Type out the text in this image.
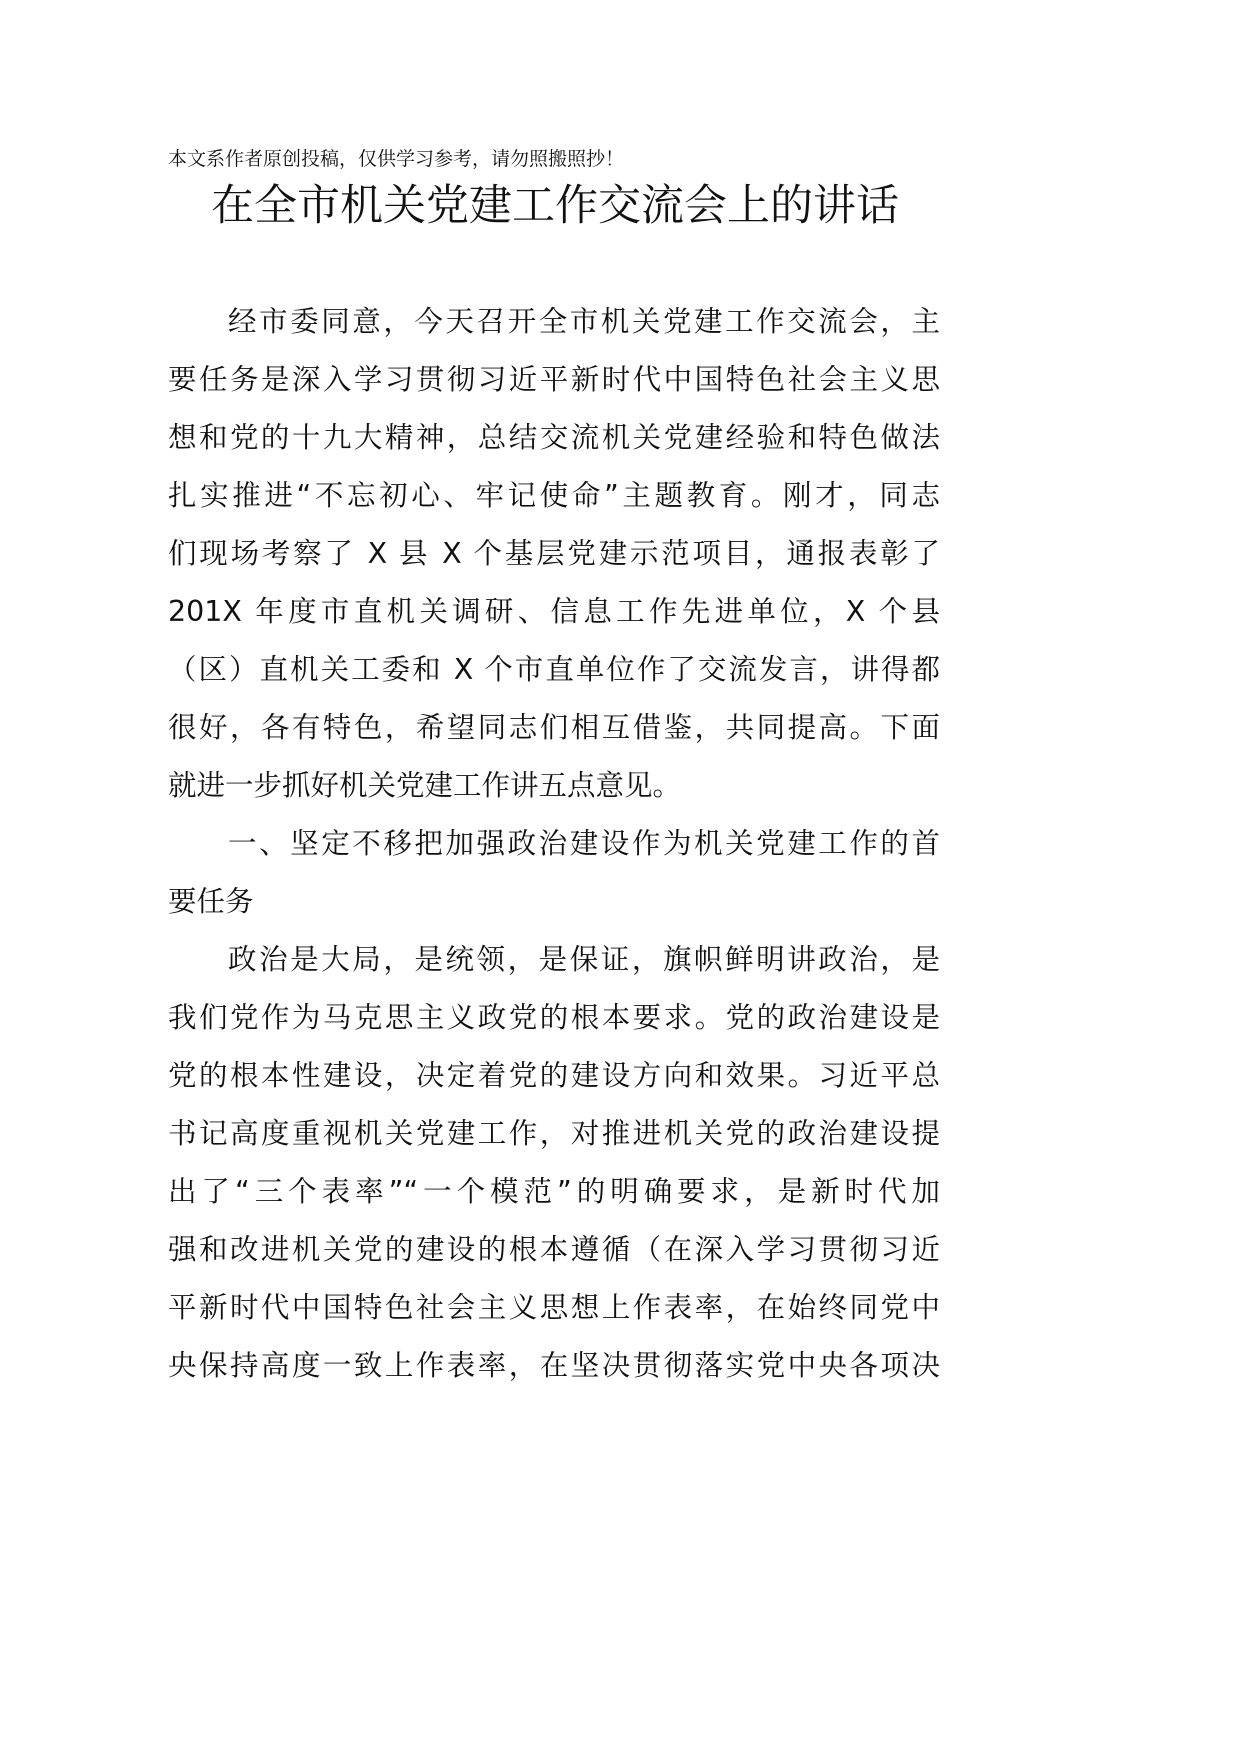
本文系作者原创投稿，仅供学习参考，请勿照搬照抄！
在全市机关党建工作交流会上的讲话
经市委同意，今天召开全市机关党建工作交流会，主
要任务是深入学习贯彻习近平新时代中国特色社会主义思
想和党的十九大精神，总结交流机关党建经验和特色做法
扎实推进“不忘初心、牢记使命”主题教育。刚才，同志
们现场考察了 X 县 X 个基层党建示范项目，通报表彰了
201X 年度市直机关调研、信息工作先进单位，X 个县
（区）直机关工委和 X 个市直单位作了交流发言，讲得都
很好，各有特色，希望同志们相互借鉴，共同提高。下面
就进一步抓好机关党建工作讲五点意见。
一、坚定不移把加强政治建设作为机关党建工作的首
要任务
政治是大局，是统领，是保证，旗帜鲜明讲政治，是
我们党作为马克思主义政党的根本要求。党的政治建设是
党的根本性建设，决定着党的建设方向和效果。习近平总
书记高度重视机关党建工作，对推进机关党的政治建设提
出了“三个表率”“一个模范”的明确要求，是新时代加
强和改进机关党的建设的根本遵循（在深入学习贯彻习近
平新时代中国特色社会主义思想上作表率，在始终同党中
央保持高度一致上作表率，在坚决贯彻落实党中央各项决
